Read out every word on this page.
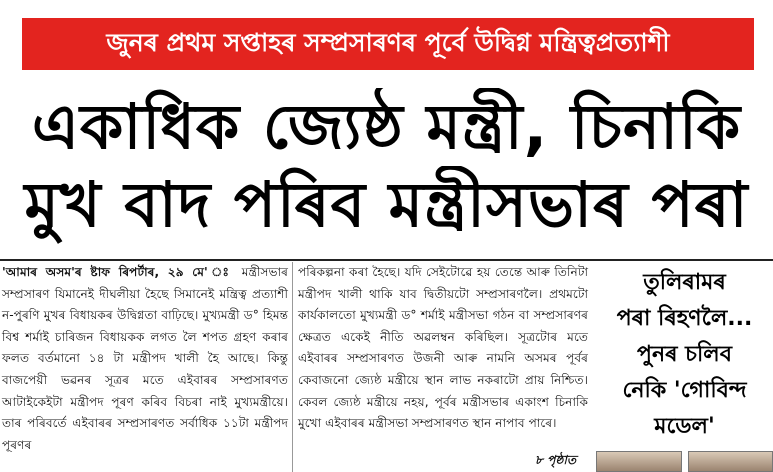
জুনৰ প্ৰথম সপ্তাহৰ সম্প্ৰসাৰণৰ পূৰ্বে উদ্বিগ্ন মন্ত্ৰিত্বপ্ৰত্যাশী
একাধিক জ্যেষ্ঠ মন্ত্ৰী, চিনাকি
মুখ বাদ পৰিব মন্ত্ৰীসভাৰ পৰা

'আমাৰ অসম'ৰ ষ্টাফ ৰিপৰ্টাৰ, ২৯ মে' ঃ মন্ত্ৰীসভাৰ সম্প্ৰসাৰণ যিমানেই দীঘলীয়া হৈছে সিমানেই মন্ত্ৰিত্ব প্ৰত্যাশী ন-পুৰণি মুখৰ বিধায়কৰ উদ্বিগ্নতা বাঢ়িছে। মুখ্যমন্ত্ৰী ড° হিমন্ত বিশ্ব শৰ্মাই চাৰিজন বিধায়কক লগত লৈ শপত গ্ৰহণ কৰাৰ ফলত বৰ্তমানো ১৪ টা মন্ত্ৰীপদ খালী হৈ আছে। কিন্তু বাজপেয়ী ভৱনৰ সূত্ৰৰ মতে এইবাৰৰ সম্প্ৰসাৰণত আটাইকেইটা মন্ত্ৰীপদ পূৰণ কৰিব বিচৰা নাই মুখ্যমন্ত্ৰীয়ে। তাৰ পৰিবৰ্তে এইবাৰৰ সম্প্ৰসাৰণত সৰ্বাধিক ১১টা মন্ত্ৰীপদ পূৰণৰ

পৰিকল্পনা কৰা হৈছে। যদি সেইটোৱে হয় তেন্তে আৰু তিনিটা মন্ত্ৰীপদ খালী থাকি যাব দ্বিতীয়টো সম্প্ৰসাৰণলৈ। প্ৰথমটো কাৰ্যকালতো মুখ্যমন্ত্ৰী ড° শৰ্মাই মন্ত্ৰীসভা গঠন বা সম্প্ৰসাৰণৰ ক্ষেত্ৰত একেই নীতি অৱলম্বন কৰিছিল। সূত্ৰটোৰ মতে এইবাৰৰ সম্প্ৰসাৰণত উজনী আৰু নামনি অসমৰ পূৰ্বৰ কেবাজনো জ্যেষ্ঠ মন্ত্ৰীয়ে স্থান লাভ নকৰাটো প্ৰায় নিশ্চিত। কেবল জ্যেষ্ঠ মন্ত্ৰীয়ে নহয়, পূৰ্বৰ মন্ত্ৰীসভাৰ একাংশ চিনাকি মুখো এইবাৰৰ মন্ত্ৰীসভা সম্প্ৰসাৰণত স্থান নাপাব পাৰে।

৮ পৃষ্ঠাত
তুলিৰামৰ
পৰা ৰিহণলৈ...
পুনৰ চলিব
নেকি 'গোবিন্দ
মডেল'
